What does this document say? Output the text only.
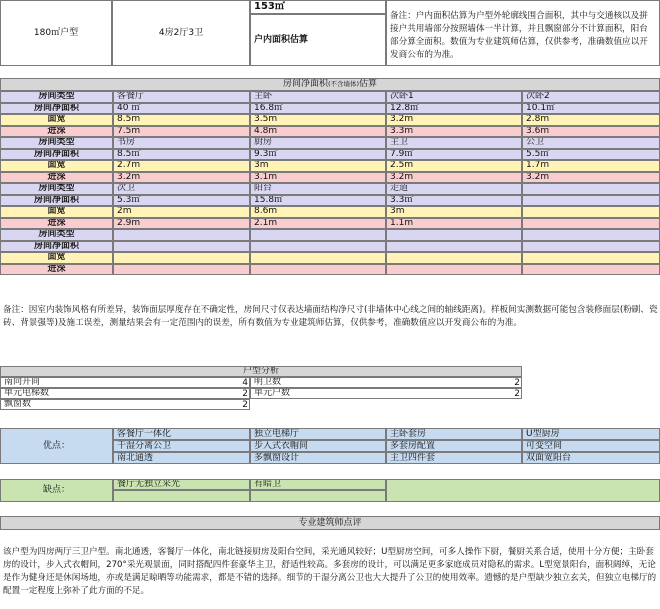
180㎡户型	4房2厅3卫
153㎡
户内面积估算
备注：户内面积估算为户型外轮廓线围合面积，其中与交通核以及拼接户共用墙部分按照墙体一半计算，并且飘窗部分不计算面积，阳台部分算全面积。数值为专业建筑师估算，仅供参考，准确数值应以开发商公布的为准。
房间净面积 (不含墙体) 估算
房间类型	客餐厅	主卧	次卧1	次卧2
房间净面积	40 ㎡	16.8㎡	12.8㎡	10.1㎡
面宽	8.5m	3.5m	3.2m	2.8m
进深	7.5m	4.8m	3.3m	3.6m
房间类型	书房	厨房	主卫	公卫
房间净面积	8.5㎡	9.3㎡	7.9㎡	5.5㎡
面宽	2.7m	3m	2.5m	1.7m
进深	3.2m	3.1m	3.2m	3.2m
房间类型	次卫	阳台	走道
房间净面积	5.3㎡	15.8㎡	3.3㎡
面宽	2m	8.6m	3m
进深	2.9m	2.1m	1.1m
房间类型
房间净面积
面宽
进深
备注：因室内装饰风格有所差异，装饰面层厚度存在不确定性，房间尺寸仅表达墙面结构净尺寸(非墙体中心线之间的轴线距离)。样板间实测数据可能包含装修面层(粉刷、瓷砖、背景强等)及施工误差，测量结果会有一定范围内的误差，所有数值为专业建筑师估算，仅供参考，准确数值应以开发商公布的为准。
户型分析
南向开间	4 明卫数	2
单元电梯数	2 单元户数	2
飘窗数	2
优点：
客餐厅一体化	独立电梯厅	主卧套房	U型厨房
干湿分离公卫	步入式衣帽间	多套房配置	可变空间
南北通透	多飘窗设计	主卫四件套	双面宽阳台
缺点：
餐厅无独立采光	有暗卫
专业建筑师点评
该户型为四房两厅三卫户型。南北通透，客餐厅一体化，南北链接厨房及阳台空间，采光通风较好；U型厨房空间，可多人操作下厨，餐厨关系合适，使用十分方便；主卧套房的设计，步入式衣帽间，270°采光观景面，同时搭配四件套豪华主卫，舒适性较高。多套房的设计，可以满足更多家庭成员对隐私的需求。L型宽景阳台，面积阔绰，无论是作为健身还是休闲场地，亦或是满足晾晒等功能需求，都是不错的选择。细节的干湿分离公卫也大大提升了公卫的使用效率。遗憾的是户型缺少独立玄关，但独立电梯厅的配置一定程度上弥补了此方面的不足。
